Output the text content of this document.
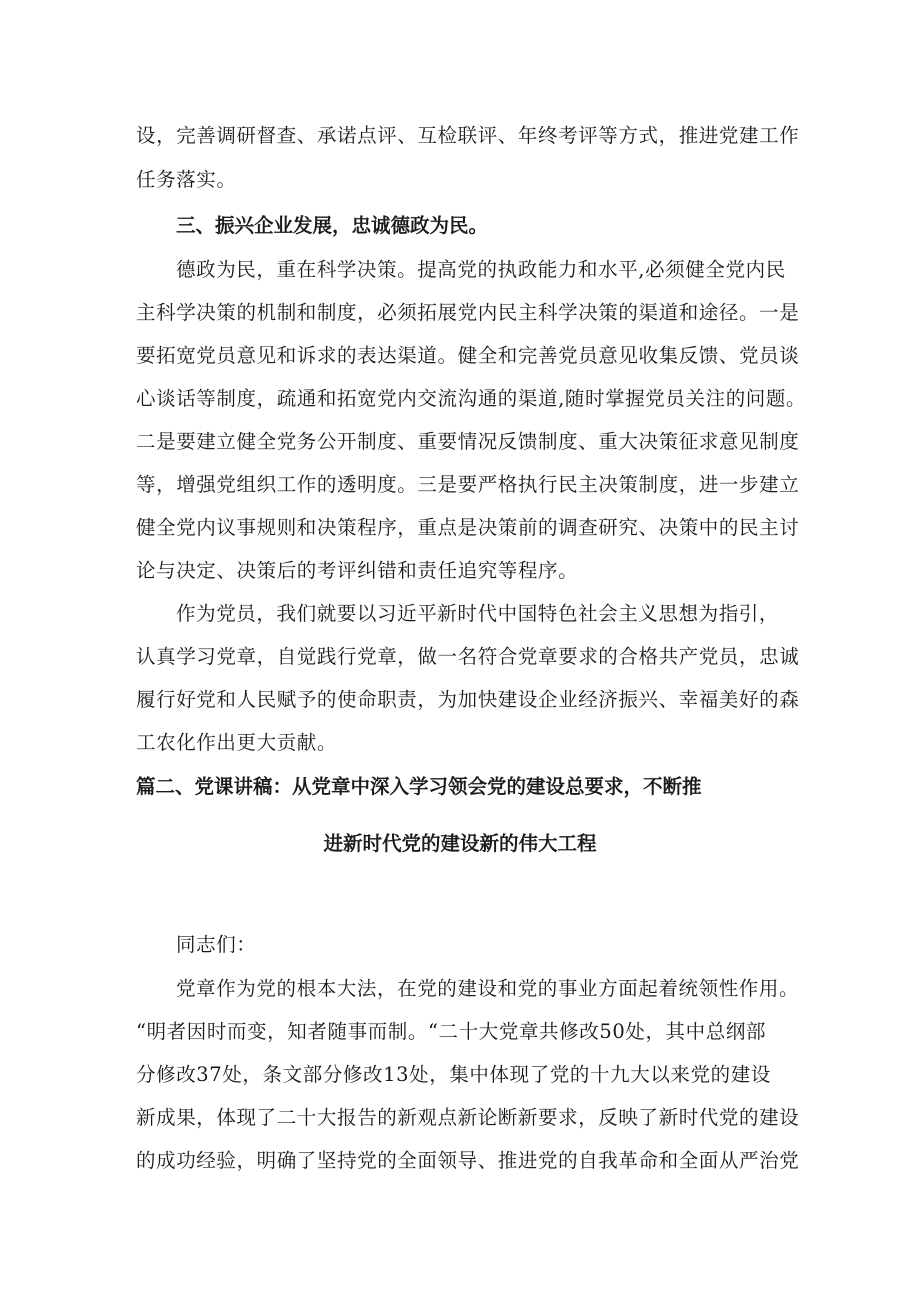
设，完善调研督查、承诺点评、互检联评、年终考评等方式，推进党建工作
任务落实。
三、振兴企业发展，忠诚德政为民。
德政为民，重在科学决策。提高党的执政能力和水平,必须健全党内民
主科学决策的机制和制度，必须拓展党内民主科学决策的渠道和途径。一是
要拓宽党员意见和诉求的表达渠道。健全和完善党员意见收集反馈、党员谈
心谈话等制度，疏通和拓宽党内交流沟通的渠道,随时掌握党员关注的问题。
二是要建立健全党务公开制度、重要情况反馈制度、重大决策征求意见制度
等，增强党组织工作的透明度。三是要严格执行民主决策制度，进一步建立
健全党内议事规则和决策程序，重点是决策前的调查研究、决策中的民主讨
论与决定、决策后的考评纠错和责任追究等程序。
作为党员，我们就要以习近平新时代中国特色社会主义思想为指引，
认真学习党章，自觉践行党章，做一名符合党章要求的合格共产党员，忠诚
履行好党和人民赋予的使命职责，为加快建设企业经济振兴、幸福美好的森
工农化作出更大贡献。
篇二、党课讲稿：从党章中深入学习领会党的建设总要求，不断推
进新时代党的建设新的伟大工程
同志们：
党章作为党的根本大法，在党的建设和党的事业方面起着统领性作用。
“明者因时而变，知者随事而制。“二十大党章共修改50处，其中总纲部
分修改37处，条文部分修改13处，集中体现了党的十九大以来党的建设
新成果，体现了二十大报告的新观点新论断新要求，反映了新时代党的建设
的成功经验，明确了坚持党的全面领导、推进党的自我革命和全面从严治党
